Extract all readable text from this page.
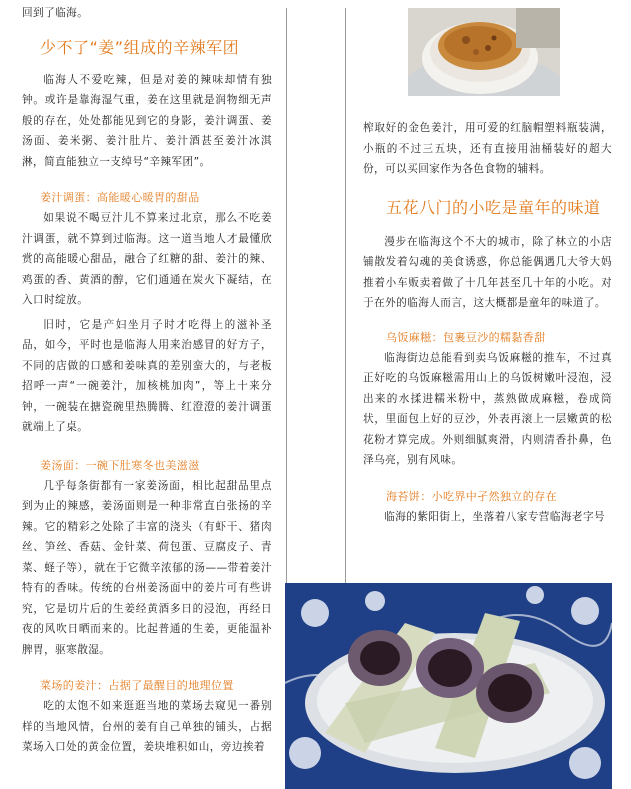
回到了临海。

少不了“姜”组成的辛辣军团

临海人不爱吃辣，但是对姜的辣味却情有独钟。或许是靠海湿气重，姜在这里就是润物细无声般的存在，处处都能见到它的身影，姜汁调蛋、姜汤面、姜米粥、姜汁肚片、姜汁酒甚至姜汁冰淇淋，简直能独立一支绰号“辛辣军团”。

姜汁调蛋：高能暖心暖胃的甜品

如果说不喝豆汁儿不算来过北京，那么不吃姜汁调蛋，就不算到过临海。这一道当地人才最懂欣赏的高能暖心甜品，融合了红糖的甜、姜汁的辣、鸡蛋的香、黄酒的醇，它们通通在炭火下凝结，在入口时绽放。

旧时，它是产妇坐月子时才吃得上的滋补圣品，如今，平时也是临海人用来治感冒的好方子，不同的店做的口感和姜味真的差别蛮大的，与老板招呼一声“一碗姜汁，加核桃加肉”，等上十来分钟，一碗装在搪瓷碗里热腾腾、红澄澄的姜汁调蛋就端上了桌。

姜汤面：一碗下肚寒冬也美滋滋

几乎每条街都有一家姜汤面，相比起甜品里点到为止的辣感，姜汤面则是一种非常直白张扬的辛辣。它的精彩之处除了丰富的浇头（有虾干、猪肉丝、笋丝、香菇、金针菜、荷包蛋、豆腐皮子、青菜、蛏子等），就在于它微辛浓郁的汤——带着姜汁特有的香味。传统的台州姜汤面中的姜片可有些讲究，它是切片后的生姜经黄酒多日的浸泡，再经日夜的风吹日晒而来的。比起普通的生姜，更能温补脾胃，驱寒散湿。

菜场的姜汁：占据了最醒目的地理位置

吃的太饱不如来逛逛当地的菜场去窥见一番别样的当地风情，台州的姜有自己单独的铺头，占据菜场入口处的黄金位置，姜块堆积如山，旁边挨着

榨取好的金色姜汁，用可爱的红脑帽塑料瓶装满，小瓶的不过三五块，还有直接用油桶装好的超大份，可以买回家作为各色食物的辅料。

五花八门的小吃是童年的味道

漫步在临海这个不大的城市，除了林立的小店铺散发着勾魂的美食诱惑，你总能偶遇几大爷大妈推着小车贩卖着做了十几年甚至几十年的小吃。对于在外的临海人而言，这大概都是童年的味道了。

乌饭麻糍：包裹豆沙的糯黏香甜

临海街边总能看到卖乌饭麻糍的推车，不过真正好吃的乌饭麻糍需用山上的乌饭树嫩叶浸泡，浸出来的水揉进糯米粉中，蒸熟做成麻糍，卷成筒状，里面包上好的豆沙，外表再滚上一层嫩黄的松花粉才算完成。外则细腻爽滑，内则清香扑鼻，色泽乌亮，别有风味。

海苔饼：小吃界中孑然独立的存在

临海的紫阳街上，坐落着八家专营临海老字号
